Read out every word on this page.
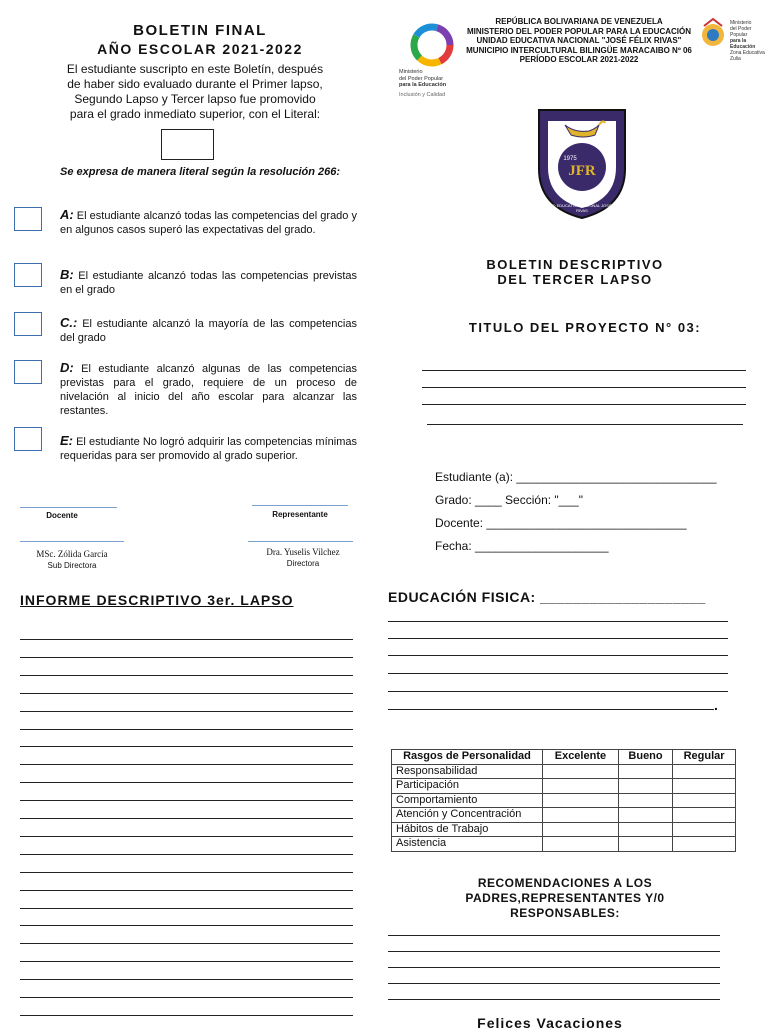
BOLETIN FINAL
AÑO ESCOLAR 2021-2022
El estudiante suscripto en este Boletín, después
de haber sido evaluado durante el Primer lapso,
Segundo Lapso y Tercer lapso fue promovido
para el grado inmediato superior, con el Literal:
Se expresa de manera literal según la resolución 266:
A: El estudiante alcanzó todas las competencias del grado y en algunos casos superó las expectativas del grado.
B: El estudiante alcanzó todas las competencias previstas en el grado
C.: El estudiante alcanzó la mayoría de las competencias del grado
D: El estudiante alcanzó algunas de las competencias previstas para el grado, requiere de un proceso de nivelación al inicio del año escolar para alcanzar las restantes.
E: El estudiante No logró adquirir las competencias mínimas requeridas para ser promovido al grado superior.
Docente	Representante
MSc. Zólida García
Sub Directora
Dra. Yuselis Vilchez
Directora
INFORME DESCRIPTIVO 3er. LAPSO
Ministerio
del Poder Popular
para la Educación
Inclusión y Calidad
REPÚBLICA BOLIVARIANA DE VENEZUELA
MINISTERIO DEL PODER POPULAR PARA LA EDUCACIÓN
UNIDAD EDUCATIVA NACIONAL "JOSÉ FÉLIX RIVAS"
MUNICIPIO INTERCULTURAL BILINGÜE MARACAIBO Nº 06
PERÍODO ESCOLAR 2021-2022
Ministerio
del Poder Popular
para la Educación
Zona Educativa Zulia
1975
JFR
UNIDAD EDUCATIVA NACIONAL JOSÉ FÉLIX RIVAS
BOLETIN DESCRIPTIVO
DEL TERCER LAPSO
TITULO DEL PROYECTO N° 03:
Estudiante (a): ______________________________
Grado: ____ Sección: "___"
Docente: ______________________________
Fecha: ____________________
EDUCACIÓN FISICA: ____________________
.
Rasgos de Personalidad	Excelente	Bueno	Regular
Responsabilidad			
Participación			
Comportamiento			
Atención y Concentración			
Hábitos de Trabajo			
Asistencia			
RECOMENDACIONES A LOS
PADRES,REPRESENTANTES Y/0
RESPONSABLES:
Felices Vacaciones
